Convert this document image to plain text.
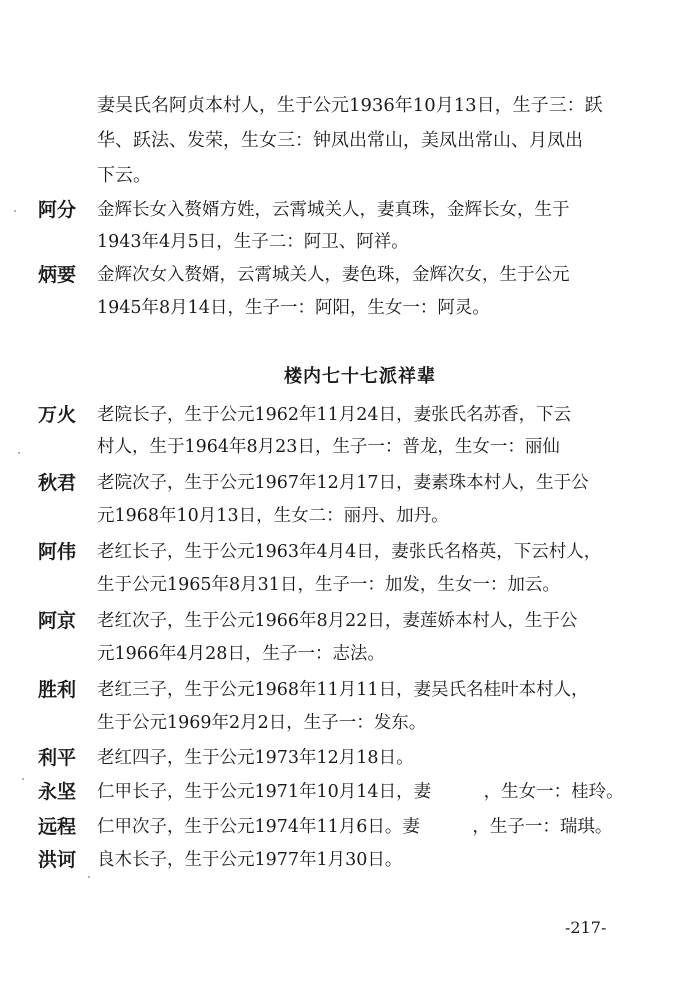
妻吴氏名阿贞本村人，生于公元1936年10月13日，生子三：跃
华、跃法、发荣，生女三：钟凤出常山，美凤出常山、月凤出
下云。
阿分 金辉长女入赘婿方姓，云霄城关人，妻真珠，金辉长女，生于
1943年4月5日，生子二：阿卫、阿祥。
炳要 金辉次女入赘婿，云霄城关人，妻色珠，金辉次女，生于公元
1945年8月14日，生子一：阿阳，生女一：阿灵。
楼内七十七派祥辈
万火 老院长子，生于公元1962年11月24日，妻张氏名苏香，下云
村人，生于1964年8月23日，生子一：普龙，生女一：丽仙
秋君 老院次子，生于公元1967年12月17日，妻素珠本村人，生于公
元1968年10月13日，生女二：丽丹、加丹。
阿伟 老红长子，生于公元1963年4月4日，妻张氏名格英，下云村人，
生于公元1965年8月31日，生子一：加发，生女一：加云。
阿京 老红次子，生于公元1966年8月22日，妻莲娇本村人，生于公
元1966年4月28日，生子一：志法。
胜利 老红三子，生于公元1968年11月11日，妻吴氏名桂叶本村人，
生于公元1969年2月2日，生子一：发东。
利平 老红四子，生于公元1973年12月18日。
永坚 仁甲长子，生于公元1971年10月14日，妻　　　，生女一：桂玲。
远程 仁甲次子，生于公元1974年11月6日。妻　　　，生子一：瑞琪。
洪诃 良木长子，生于公元1977年1月30日。
-217-
